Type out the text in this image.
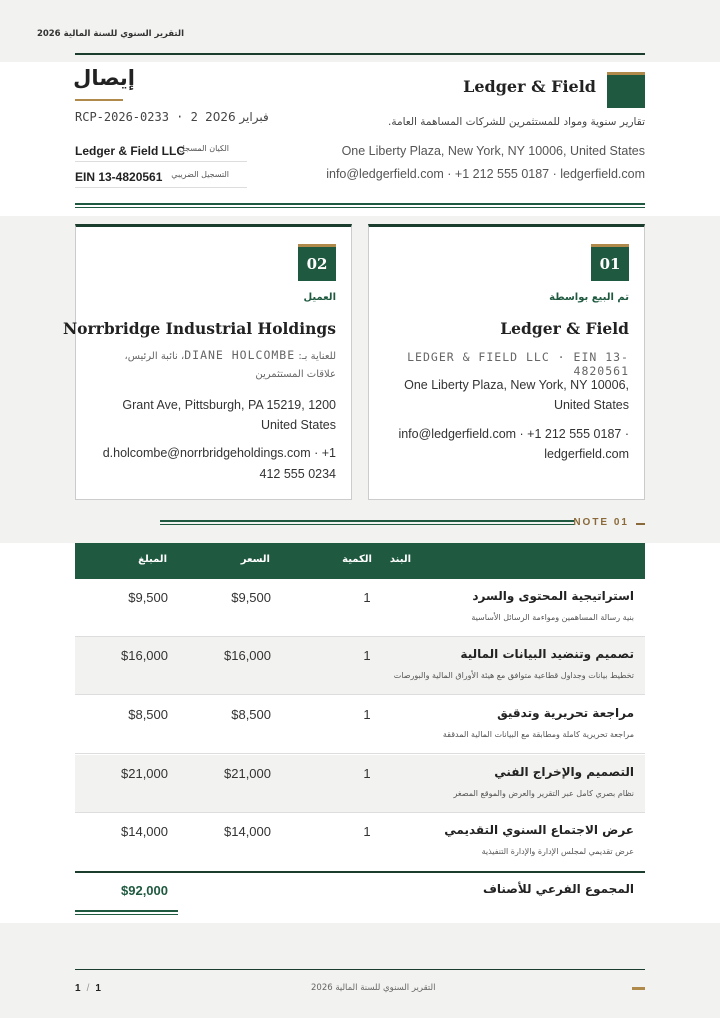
التقرير السنوي للسنة المالية 2026
Ledger & Field
تقارير سنوية ومواد للمستثمرين للشركات المساهمة العامة.
One Liberty Plaza, New York, NY 10006, United States
info@ledgerfield.com · +1 212 555 0187 · ledgerfield.com
إيصال
فبراير 2026 RCP-2026-0233 · 2
Ledger & Field LLC
الكيان المسجل
EIN 13-4820561 التسجيل الضريبي
01
تم البيع بواسطة
Ledger & Field
LEDGER & FIELD LLC · EIN 13-4820561
One Liberty Plaza, New York, NY 10006,
United States
info@ledgerfield.com · +1 212 555 0187 ·
ledgerfield.com
02
العميل
Norrbridge Industrial Holdings
للعناية بـ: DIANE HOLCOMBE، نائبة الرئيس،
علاقات المستثمرين
Grant Ave, Pittsburgh, PA 15219, 1200
United States
d.holcombe@norrbridgeholdings.com · +1
412 555 0234
NOTE 01
البند
الكمية
السعر
المبلغ
استراتيجية المحتوى والسرد
بنية رسالة المساهمين ومواءمة الرسائل الأساسية
1
$9,500
$9,500
تصميم وتنضيد البيانات المالية
تخطيط بيانات وجداول قطاعية متوافق مع هيئة الأوراق المالية والبورصات
1
$16,000
$16,000
مراجعة تحريرية وتدقيق
مراجعة تحريرية كاملة ومطابقة مع البيانات المالية المدققة
1
$8,500
$8,500
التصميم والإخراج الفني
نظام بصري كامل عبر التقرير والعرض والموقع المصغر
1
$21,000
$21,000
عرض الاجتماع السنوي التقديمي
عرض تقديمي لمجلس الإدارة والإدارة التنفيذية
1
$14,000
$14,000
المجموع الفرعي للأصناف
$92,000
التقرير السنوي للسنة المالية 2026
1 / 1
